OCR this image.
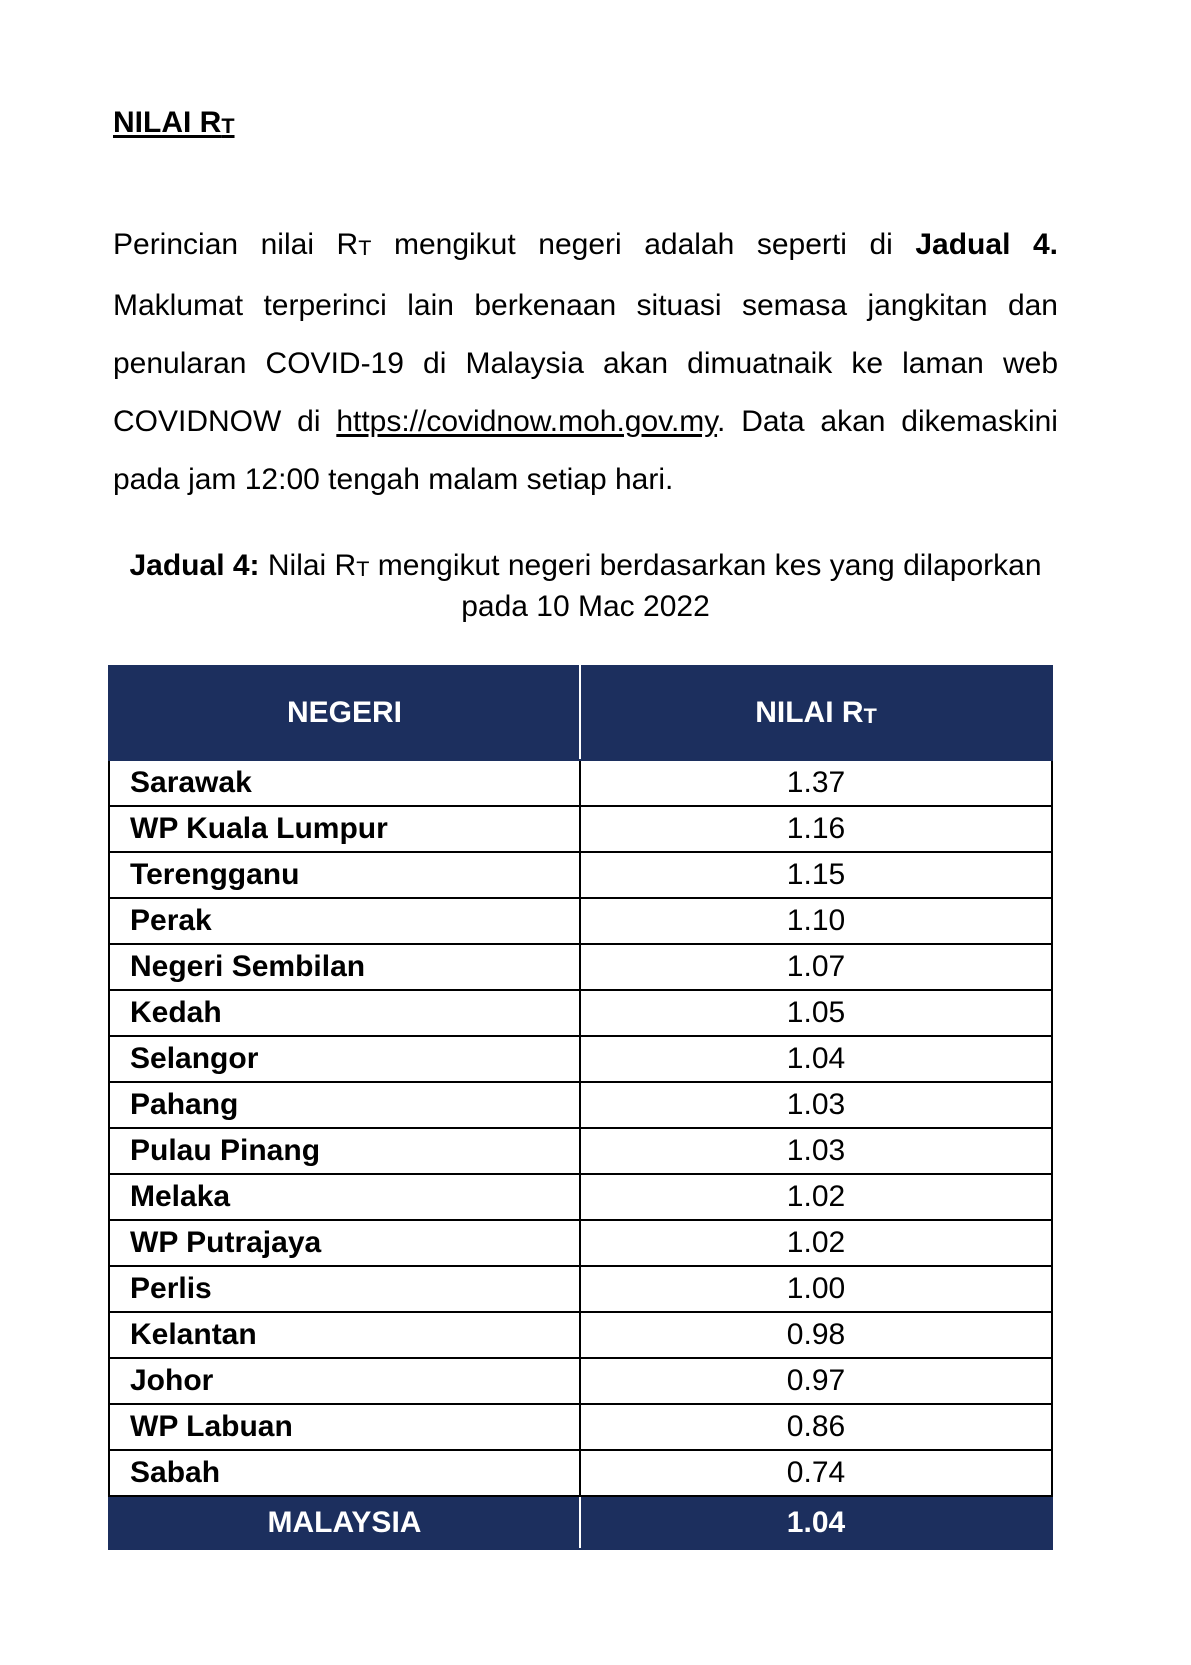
NILAI RT
Perincian nilai RT mengikut negeri adalah seperti di Jadual 4. Maklumat terperinci lain berkenaan situasi semasa jangkitan dan penularan COVID-19 di Malaysia akan dimuatnaik ke laman web COVIDNOW di https://covidnow.moh.gov.my. Data akan dikemaskini pada jam 12:00 tengah malam setiap hari.
Jadual 4: Nilai RT mengikut negeri berdasarkan kes yang dilaporkan pada 10 Mac 2022
NEGERI	NILAI RT
Sarawak	1.37
WP Kuala Lumpur	1.16
Terengganu	1.15
Perak	1.10
Negeri Sembilan	1.07
Kedah	1.05
Selangor	1.04
Pahang	1.03
Pulau Pinang	1.03
Melaka	1.02
WP Putrajaya	1.02
Perlis	1.00
Kelantan	0.98
Johor	0.97
WP Labuan	0.86
Sabah	0.74
MALAYSIA	1.04
